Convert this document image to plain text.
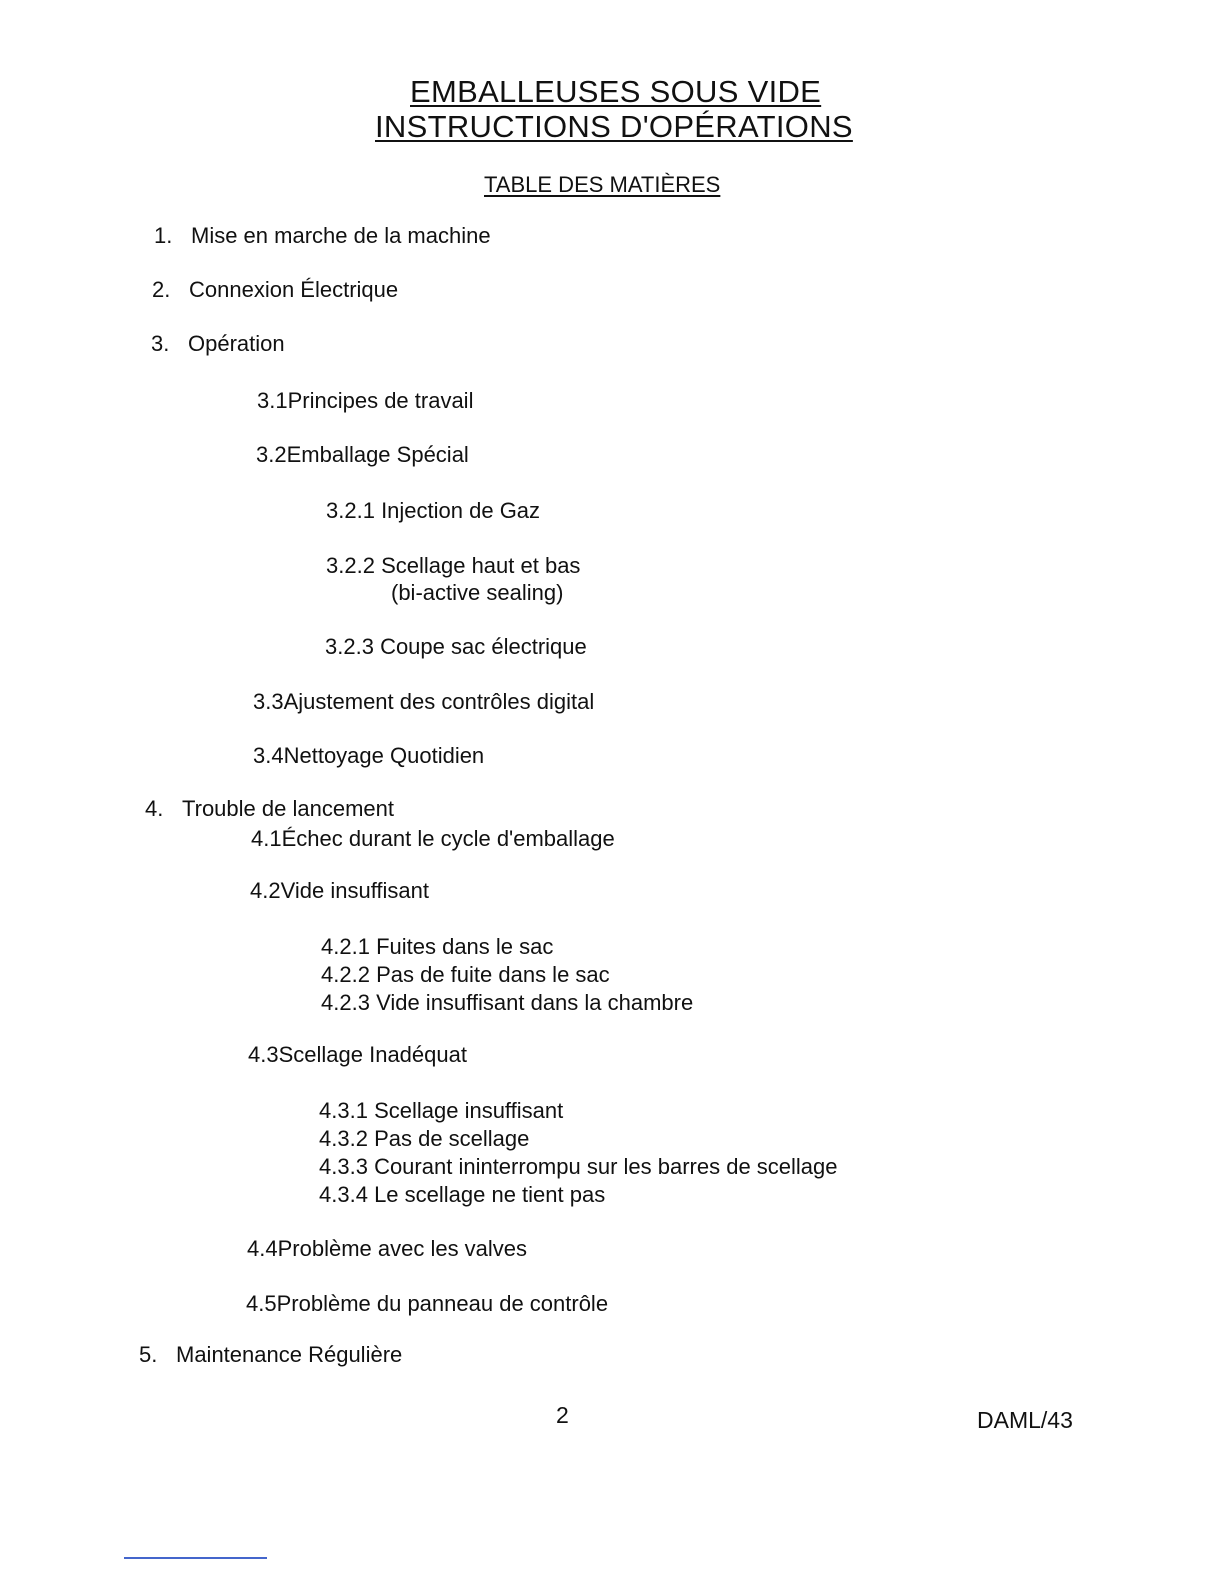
EMBALLEUSES SOUS VIDE
INSTRUCTIONS D'OPÉRATIONS
TABLE DES MATIÈRES
1. Mise en marche de la machine
2. Connexion Électrique
3. Opération
3.1Principes de travail
3.2Emballage Spécial
3.2.1 Injection de Gaz
3.2.2 Scellage haut et bas
(bi-active sealing)
3.2.3 Coupe sac électrique
3.3Ajustement des contrôles digital
3.4Nettoyage Quotidien
4. Trouble de lancement
4.1Échec durant le cycle d'emballage
4.2Vide insuffisant
4.2.1 Fuites dans le sac
4.2.2 Pas de fuite dans le sac
4.2.3 Vide insuffisant dans la chambre
4.3Scellage Inadéquat
4.3.1 Scellage insuffisant
4.3.2 Pas de scellage
4.3.3 Courant ininterrompu sur les barres de scellage
4.3.4 Le scellage ne tient pas
4.4Problème avec les valves
4.5Problème du panneau de contrôle
5. Maintenance Régulière
2	DAML/43
